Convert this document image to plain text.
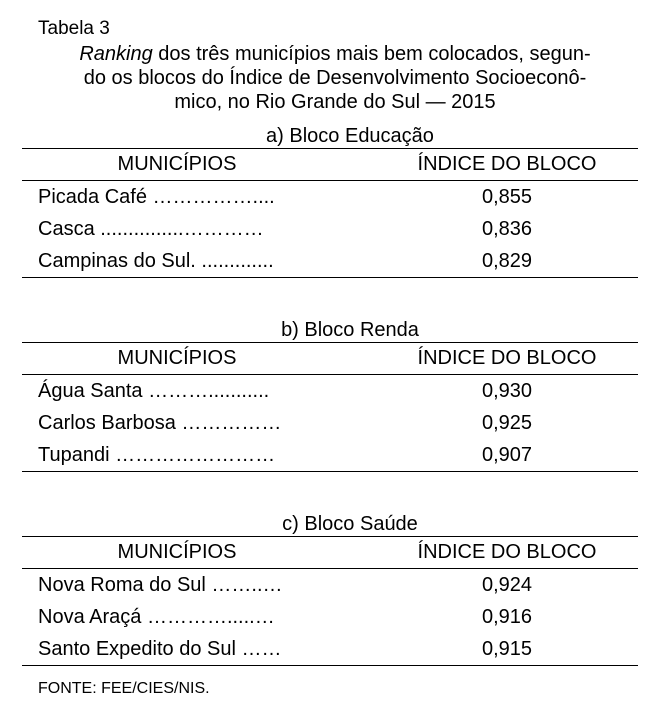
Tabela 3
Ranking dos três municípios mais bem colocados, segun-
do os blocos do Índice de Desenvolvimento Socioeconô-
mico, no Rio Grande do Sul — 2015
a) Bloco Educação
MUNICÍPIOS	ÍNDICE DO BLOCO
Picada Café ……………....	0,855
Casca ...............…………	0,836
Campinas do Sul. .............	0,829
b) Bloco Renda
MUNICÍPIOS	ÍNDICE DO BLOCO
Água Santa ………...........	0,930
Carlos Barbosa ……………	0,925
Tupandi ……………………	0,907
c) Bloco Saúde
MUNICÍPIOS	ÍNDICE DO BLOCO
Nova Roma do Sul ……..…	0,924
Nova Araçá ………….....…	0,916
Santo Expedito do Sul ……	0,915
FONTE: FEE/CIES/NIS.
